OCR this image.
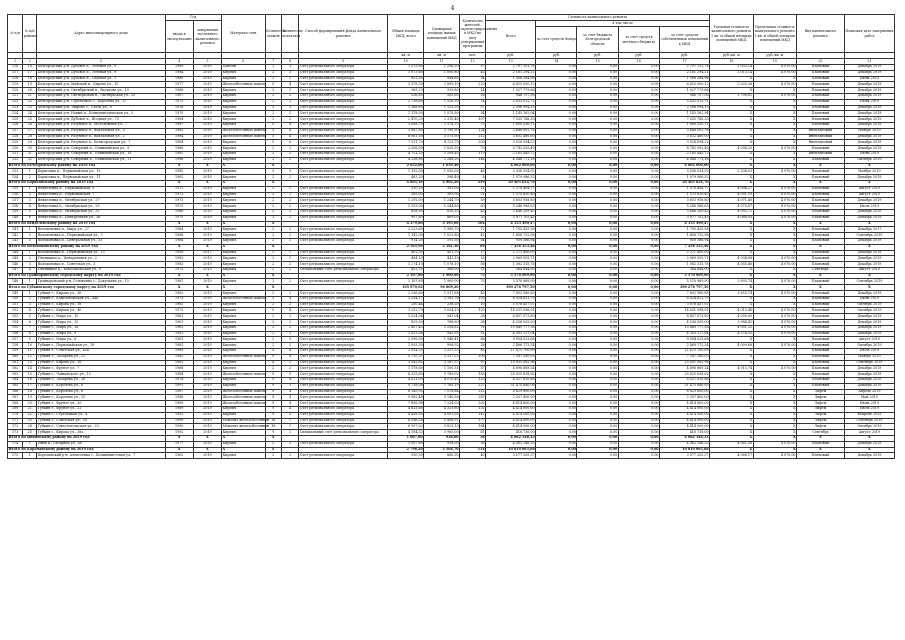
4
№ п/п	№ п/п района	Адрес многоквартирного дома	Год		Материал стен	Количество этажей	Количество подъездов	Способ формирования фонда капитального ремонта	Общая площадь МКД, всего	Суммарная площадь жилых помещений МКД	Количество жителей, зарегистрированных в МКД на дату утверждения программы	Стоимость капитального ремонта					Удельная стоимость капитального ремонта 1 кв. м общей площади помещений МКД	Предельная стоимость капитального ремонта 1 кв. м общей площади помещений МКД	Вид капитального ремонта	Плановая дата завершения работ
			ввода в эксплуатацию	завершения последнего капитального ремонта								Всего	в том числе							
													за счет средств Фонда	за счет бюджета Белгородской области	за счет средств местного бюджета	за счет средств собственников помещений в МКД				
									кв. м	кв. м	чел.	руб.	руб.	руб.	руб.	руб.	руб./кв. м	руб./кв. м		
1	2	3	4	5	6	7	8	9	10	11	12	13	14	15	16	17	18	19	20	21
116	16	Белгородский р-н, Дубовое п., Зелёная ул., 6	1989	2019	Панели	2	3	Счет регионального оператора	1 375,80	1 296,20	57	2 797 151,78	0,00	0,00	0,00	2 797 151,78	2 033,14	4 070,00	Плановый	Декабрь 2019
117	17	Белгородский р-н, Дубовое п., Зелёная ул., 8	1984	2019	Кирпич	2	3	Счет регионального оператора	1 073,60	1 000,80	43	2 161 294,21	0,00	0,00	0,00	2 161 294,21	2 013,14	4 070,00	Плановый	Декабрь 2019
118	18	Белгородский р-н, Дубовое п., Садовая ул., 5	1989	2019	Кирпич	2	2	Счет регионального оператора	952,50	944,60	34	1 908 264,96	0,00	0,00	0,00	1 908 264,96	X	X	Плановый	Июнь 2019
119	19	Белгородский р-н, Майский п., Кирова ул., 15	1977	2019	Железобетонные панели	5	4	Счет регионального оператора	3 378,30	2 899,10	220	6 825 000,12	0,00	0,00	0,00	6 825 000,12	2 020,26	4 070,00	Плановый	Декабрь 2019
120	20	Белгородский р-н, Октябрьский п., Вагунова ул., 10	1968	2019	Кирпич	2	1	Счет регионального оператора	365,70	339,80	14	1 027 779,66	0,00	0,00	0,00	1 027 779,66	X	X	Плановый	Декабрь 2019
121	21	Белгородский р-н, Октябрьский п., Октябрьская ул., 33	1967	2019	Кирпич	2	2	Счет регионального оператора	526,80	505,60	26	946 757,56	0,00	0,00	0,00	946 757,56	2 706,61	4 070,00	Плановый	Декабрь 2019
122	22	Белгородский р-н, Стрелецкое с., Королёва ул., 27	1973	2019	Кирпич	2	2	Счет регионального оператора	2 738,60	1 526,30	74	5 432 012,71	0,00	0,00	0,00	5 432 012,71	X	X	Плановый	Июнь 2019
123	23	Белгородский р-н, Таврово с., Съезд ул., 9	1976	2019	Кирпич	3	3	Счет регионального оператора	1 168,60	1 131,20	57	2 396 994,15	0,00	0,00	0,00	2 396 994,15	X	X	Плановый	Декабрь 2019
124	24	Белгородский р-н, Новый п., Коммунистическая ул., 5	1970	2019	Кирпич	2	2	Счет регионального оператора	1 178,50	1 075,50	54	1 143 162,94	0,00	0,00	0,00	1 143 162,94	X	X	Плановый	Декабрь 2019
125	25	Белгородский р-н, Дубовое п., Ягодная ул., 73	1984	2019	Кирпич	2	2	Счет регионального оператора	2 470,20	2 315,40	107	7 535 788,33	0,00	0,00	0,00	7 535 788,33	X	X	Плановый	Декабрь 2019
126	26	Белгородский р-н, Разумное п., Молодёжная ул., 7	1987	2019	Кирпич	5	4	Счет регионального оператора	3 008,70	2 374,70	73	1 600 530,71	0,00	0,00	0,00	1 600 530,71	X	X	Плановый	Декабрь 2019
127	27	Белгородский р-н, Разумное п., Вокзальная ул., 5	1982	2019	Железобетонные панели	5	4	Счет регионального оператора	3 847,80	3 790,30	124	3 648 002,76	0,00	0,00	0,00	3 648 002,76	X	X	Внеплановый	Ноябрь 2019
128	28	Белгородский р-н, Разумное п., Вокзальная ул., 2	1984	2019	Железобетонные панели	5	4	Счет регионального оператора	6 061,50	5 575,50	212	3 632 480,00	0,00	0,00	0,00	3 632 480,00	X	X	Внеплановый	Декабрь 2019
129	29	Белгородский р-н, Разумное п., Бельгородская ул., 7	1984	2019	Кирпич	5	6	Счет регионального оператора	7 311,70	4 723,70	209	3 028 594,22	0,00	0,00	0,00	3 028 594,22	X	X	Внеплановый	Декабрь 2019
130	30	Белгородский р-н, Северный п., Олимпийская ул., 9	1986	2019	Кирпич	2	2	Счет регионального оператора	2 206,00	1 835,50	75	8 742 092,40	0,00	0,00	0,00	8 742 092,40	4 004,20	4 070,00	Плановый	Декабрь 2019
131	31	Белгородский р-н, Северный п., Олимпийская ул., 10	1982	2019	Кирпич	2	2	Счет регионального оператора	4 751,20	2 208,40	119	2 185 445,72	0,00	0,00	0,00	2 185 445,72	X	X	Внеплановый	Июнь 2019
132	32	Белгородский р-н, Северный п., Олимпийская ул., 11	1986	2019	Кирпич	2	2	Счет регионального оператора	4 238,80	2 268,20	146	4 048 771,16	0,00	0,00	0,00	4 048 771,16	X	X	Плановый	Октябрь 2019
Итого по Белгородскому району на 2019 год			X	X	X	X			2 652,00	1 659,40		4 062 000,00	0,00	0,00	0,00	4 062 000,00	X	X	X	X
133	1	Борисовка п., Первомайская ул., 10	1985	2019	Кирпич	3	3	Счет регионального оператора	1 192,00	1 050,00	48	3 036 534,92	0,00	0,00	0,00	3 036 534,92	2 534,03	4 070,00	Плановый	Ноябрь 2019
134	2	Борисовка п., Первомайская ул., 11	1962	2019	Кирпич	2	2	Счет регионального оператора	463,20	396,40	8	1 079 986,32	0,00	0,00	0,00	1 079 986,32	X	X	Плановый	Декабрь 2019
Итого по Борисовскому району на 2019 год			X	X	X	X			4 805,10	4 902,20	239	20 405 624,70	0,00	0,00	0,00	20 405 624,70	X	X	X	X
135	1	Вейделевка п., Первомайская, 5	1972	2019	Кирпич	2	1	Счет регионального оператора	330,10	303,00	21	1 370 404,77	0,00	0,00	0,00	1 370 404,77	4 096,27	4 070,00	Плановый	Август 2019
136	2	Вейделевка п., Первомайская, 7	1973	2019	Кирпич	2	1	Счет регионального оператора	385,00	305,00	21	1 575 830,40	0,00	0,00	0,00	1 575 830,40	4 091,10	4 070,00	Плановый	Август 2019
137	3	Вейделевка п., Октябрьская ул., 27	1973	2019	Кирпич	2	2	Счет регионального оператора	1 292,00	1 244,70	59	3 603 958,80	0,00	0,00	0,00	3 603 958,80	4 071,40	4 070,00	Плановый	Декабрь 2019
138	4	Вейделевка п., Октябрьская ул., 29	1973	2019	Кирпич	2	2	Счет регионального оператора	1 293,00	1 244,80	60	5 246 988,63	0,00	0,00	0,00	5 246 988,63	4 073,87	4 070,00	Плановый	Июль 2019
139	5	Вейделевка п., Октябрьская ул., 31	1986	2019	Кирпич	2	2	Счет регионального оператора	858,90	818,10	43	3 646 209,45	0,00	0,00	0,00	3 646 209,45	4 092,71	4 070,00	Плановый	Декабрь 2019
140	6	Вейделевка п., Центральная ул., 36	1975	2019	Кирпич	2	2	Счет регионального оператора	907,60	869,00	35	3 977 702,45	0,00	0,00	0,00	3 977 702,45	4 088,93	4 070,00	Плановый	Декабрь 2019
Итого по Вейделевскому району на 2019 год			X	X	X	X			4 279,80	3 195,00	164	4 153 490,47	0,00	0,00	0,00	4 153 490,47	X	X	X	X
141	1	Волоконовка п., Мира ул., 27	1984	2019	Кирпич	2	2	Счет регионального оператора	2 223,60	1 980,70	72	1 795 435,98	0,00	0,00	0,00	1 795 435,98	X	X	Плановый	Декабрь 2017
142	2	Волоконовка п., Первомайская ул., 3	1968	2019	Кирпич	2	2	Счет регионального оператора	1 142,00	1 022,80	42	1 408 732,96	0,00	0,00	0,00	1 408 732,96	X	X	Плановый	Сентябрь 2019
143	3	Волоконовка п., Центральная ул., 33	1984	2019	Кирпич	2	2	Счет регионального оператора	914,20	191,50	54	959 366,94	0,00	0,00	0,00	959 366,94	X	X	Плановый	Декабрь 2019
Итого по Волоконовскому району на 2019 год			X	X	X	X			2 565,90	2 181,30	69	7 256 353,46	0,00	0,00	0,00	7 256 353,46	X	X	X	X
144	1	Волоконовка п., Первомайская ул., 15	1956	2017	Кирпич	2	1	Счет регионального оператора	402,30	451,70	17	2 271 400,00	0,00	0,00	0,00	2 271 400,00	X	X	Плановый	Декабрь 2019
145	2	Пятницкое п., Центральная ул., 2	1983	2019	Кирпич	2	1	Счет регионального оператора	484,10	441,10	25	2 069 505,71	0,00	0,00	0,00	2 069 505,71	4 034,68	4 070,00	Плановый	Декабрь 2019
146	3	Волоконовка п., Советская ул., 3	1983	2019	Кирпич	2	2	Счет регионального оператора	1 274,10	1 076,10	56	1 082 315,76	0,00	0,00	0,00	1 082 315,76	4 055,40	4 070,00	Плановый	Декабрь 2019
147	4	Пятницкое п., Комсомольская ул., 9	1972	2019	Кирпич	2	2	Специальный счёт регионального оператора	403,20	386,00	13	364 844,00	0,00	0,00	0,00	364 844,00	X	X	Сентябрь	Август 2019
Итого по Грайворонскому городскому округу на 2019 год			X	X	X	X			2 107,80	1 900,00	75	5 570 969,90	0,00	0,00	0,00	5 570 969,90	X	X	X	X
148	1	Грайворонский р-н, Головчино с., Докучаева ул., 15	1987	2019	Кирпич	2	2	Счет регионального оператора	2 107,80	1 900,00	75	5 570 969,90	0,00	0,00	0,00	5 570 969,90	2 693,74	4 070,00	Плановый	Сентябрь 2019
Итого по Губкинскому городскому округу на 2019 год			X	X	X	X			105 970,02	96 809,20		390 276 797,50	0,00	0,00	0,00	390 276 797,50	X	X	X	X
149	1	Губкин г., Кирова ул., 36	1962	2019	Кирпич	2	2	Счет регионального оператора	2 236,80	1 911,88	45	7 602 580,85	0,00	0,00	0,00	7 602 580,85	3 653,74	4 070,00	Плановый	Декабрь 2019
150	2	Губкин г., Комсомольская ул., 44а	1973	2019	Железобетонные панели	5	4	Счет регионального оператора	3 334,17	3 182,76	105	6 024 621,79	0,00	0,00	0,00	6 024 621,79	X	X	Плановый	Июнь 2019
151	3	Губкин г., Кирова ул., 38	1962	2019	Кирпич	2	2	Счет регионального оператора	250,44	238,20	10	3 078 457,07	0,00	0,00	0,00	3 078 457,07	X	X	Плановый	Октябрь 2019
152	4	Губкин г., Кирова ул., 40	1973	2019	Кирпич	5	4	Счет регионального оператора	3 252,79	3 034,15	120	14 031 098,01	0,00	0,00	0,00	14 031 098,01	4 015,46	4 070,00	Плановый	Октябрь 2019
153	5	Губкин г., Мира ул., 10	1961	2019	Кирпич	2	2	Счет регионального оператора	1 024,04	941,04	28	8 457 073,80	0,00	0,00	0,00	8 457 073,80	4 000,00	4 070,00	Плановый	Декабрь 2019
154	6	Губкин г., Мира ул., 12	1961	2019	Кирпич	2	2	Счет регионального оператора	825,50	768,60	38	4 536 055,00	0,00	0,00	0,00	4 536 055,00	3 984,41	4 070,00	Плановый	Декабрь 2019
155	7	Губкин г., Мира ул., 16	1961	2019	Кирпич	2	2	Счет регионального оператора	2 457,43	2 254,81	76	15 849 777,58	0,00	0,00	0,00	15 849 777,58	4 051,25	4 070,00	Плановый	Декабрь 2019
156	8	Губкин г., Мира ул., 8	1961	2019	Кирпич	2	3	Счет регионального оператора	1 413,56	943,55	51	4 303 127,04	0,00	0,00	0,00	4 303 127,04	4 574,53	4 070,00	Плановый	Декабрь 2019
157	9	Губкин г., Мира ул., 6	1961	2019	Кирпич	2	3	Счет регионального оператора	2 096,90	1 946,41	66	9 504 023,68	0,00	0,00	0,00	9 504 023,68	X	X	Плановый	Август 2019
158	10	Губкин г., Первомайская ул., 16	1961	2019	Кирпич	2	2	Счет регионального оператора	2 093,30	998,92	28	2 468 172,24	0,00	0,00	0,00	2 468 172,24	4 009,68	4 070,00	Плановый	Октябрь 2019
159	11	Губкин г., Советская ул., 45а	1989	2019	Кирпич	5	4	Счет регионального оператора	2 934,32	2 537,33	85	11 475 700,69	0,00	0,00	0,00	11 475 700,69	X	X	Плановый	Июль 2019
160	12	Губкин г., Лазарева ул., 22	1982	2019	Железобетонные панели	9	4	Счет регионального оператора	5 735,37	5 237,25	109	7 287 280,05	0,00	0,00	0,00	7 287 280,05	X	X	Плановый	Ноябрь 2019
161	13	Губкин г., Кирова ул., 16	1961	2019	Кирпич	4	3	Счет регионального оператора	3 542,82	3 167,37	97	15 031 082,96	0,00	0,00	0,00	15 031 082,96	X	X	Плановый	Сентябрь 2019
162	14	Губкин г., Фрунзе ул., 7	1968	2019	Кирпич	2	2	Счет регионального оператора	1 178,60	1 100,51	57	4 896 869,24	0,00	0,00	0,00	4 896 869,24	4 015,74	4 070,00	Плановый	Декабрь 2019
163	15	Губкин г., Чайковского ул., 11	1984	2019	Железобетонные панели	9	3	Счет регионального оператора	6 325,60	5 789,02	183	25 025 638,62	0,00	0,00	0,00	25 025 638,62	X	X	Плановый	Декабрь 2019
164	16	Губкин г., Лазарева ул., 28	1974	2019	Кирпич	5	4	Счет регионального оператора	4 521,00	4 070,40	129	8 527 810,88	0,00	0,00	0,00	8 527 810,88	X	X	Плановый	Декабрь 2019
165	17	Губкин г., Королёва ул., 8	1991	2019	Кирпич	9	3	Счет регионального оператора	9 738,08	7 765,19	227	31 475 840,05	0,00	0,00	0,00	31 475 840,05	X	X	Плановый	Декабрь 2019
166	18	Губкин г., Королёва ул., 6	1987	2019	Железобетонные панели	9	4	Счет регионального оператора	8 145,93	7 578,84	212	8 829 800,00	0,00	0,00	0,00	8 829 800,00	X	X	Лифты	Апрель 2019
167	19	Губкин г., Королёва ул., 10	1988	2019	Железобетонные панели	9	4	Счет регионального оператора	9 962,48	9 140,56	287	2 207 400,00	0,00	0,00	0,00	2 207 400,00	X	X	Лифты	Май 2019
168	20	Губкин г., Фрунзе ул., 20	1989	2019	Железобетонные панели	9	4	Счет регионального оператора	7 806,98	7 224,03	202	4 414 800,00	0,00	0,00	0,00	4 414 800,00	X	X	Лифты	Июнь 2019
169	21	Губкин г., Фрунзе ул., 22	1989	2019	Кирпич	9	4	Счет регионального оператора	4 633,60	4 325,60	131	4 414 000,00	0,00	0,00	0,00	4 414 000,00	X	X	Лифты	Июль 2019
170	22	Губкин г., Стрелецкая ул., 4	1991	2019	Кирпич	9	5	Счет регионального оператора	4 438,50	4 001,50	142	4 414 000,00	0,00	0,00	0,00	4 414 000,00	X	X	Лифты	Февраль 2019
171	23	Губкин г., Советская ул., 50	1990	2019	Монолит железобетонный	16	1	Счет регионального оператора	6 046,28	5 496,51	177	4 414 000,00	0,00	0,00	0,00	4 414 000,00	X	X	Лифты	Сентябрь 2019
172	24	Губкин г., Севастопольская ул., 23	1990	2019	Монолит железобетонный	16	1	Счет регионального оператора	6 937,02	5 821,10	184	4 414 000,00	0,00	0,00	0,00	4 414 000,00	X	X	Лифты	Октябрь 2019
173	25	Губкин г., Кирова ул., 38а	1992	2019	Кирпич	9	2	Специальный счёт регионального оператора	4 784,32	3 905,00	81	416 736,00	0,00	0,00	0,00	416 736,00	X	X	Сентябрь	Август 2019
Итого по Ивнянскому району на 2019 год			X	X	X	X			1 007,60	938,00	36	4 062 146,33	0,00	0,00	0,00	4 062 146,33	X	X	X	X
174	1	Ивня п., Гагарина ул., 48	1977	2019	Кирпич	2	2	Счет регионального оператора	1 007,60	938,00	36	4 062 146,33	0,00	0,00	0,00	4 062 146,33	4 061,56	4 070,00	Плановый	Декабрь 2019
Итого по Корочанскому району на 2019 год			X	X	X	X			2 796,20	2 504,70	114	10 810 065,68	0,00	0,00	0,00	10 810 065,68	X	X	X	X
175	1	Корочанский р-н, Алексеевка с., Большевистская ул., 7	1962	2019	Кирпич	2	2	Счет регионального оператора	930,90	886,30	40	3 077 205,37	0,00	0,00	0,00	3 077 205,37	4 068,17	4 070,00	Плановый	Декабрь 2019
